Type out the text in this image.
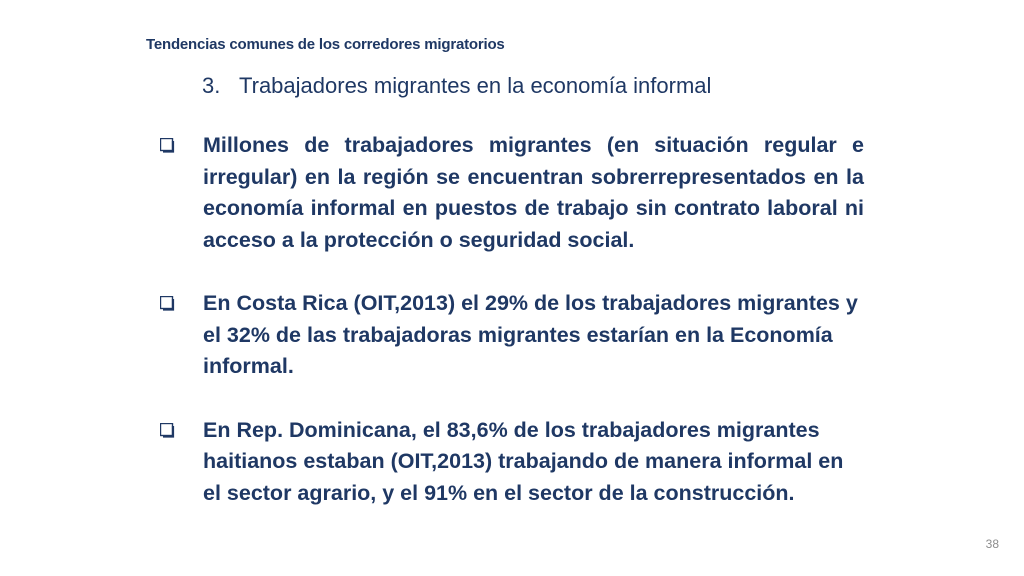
Tendencias comunes de los corredores migratorios
3. Trabajadores migrantes en la economía informal
Millones de trabajadores migrantes (en situación regular e irregular) en la región se encuentran sobrerrepresentados en la economía informal en puestos de trabajo sin contrato laboral ni acceso a la protección o seguridad social.
En Costa Rica (OIT,2013) el 29% de los trabajadores migrantes y el 32% de las trabajadoras migrantes estarían en la Economía informal.
En Rep. Dominicana, el 83,6% de los trabajadores migrantes haitianos estaban (OIT,2013) trabajando de manera informal en el sector agrario, y el 91% en el sector de la construcción.
38
